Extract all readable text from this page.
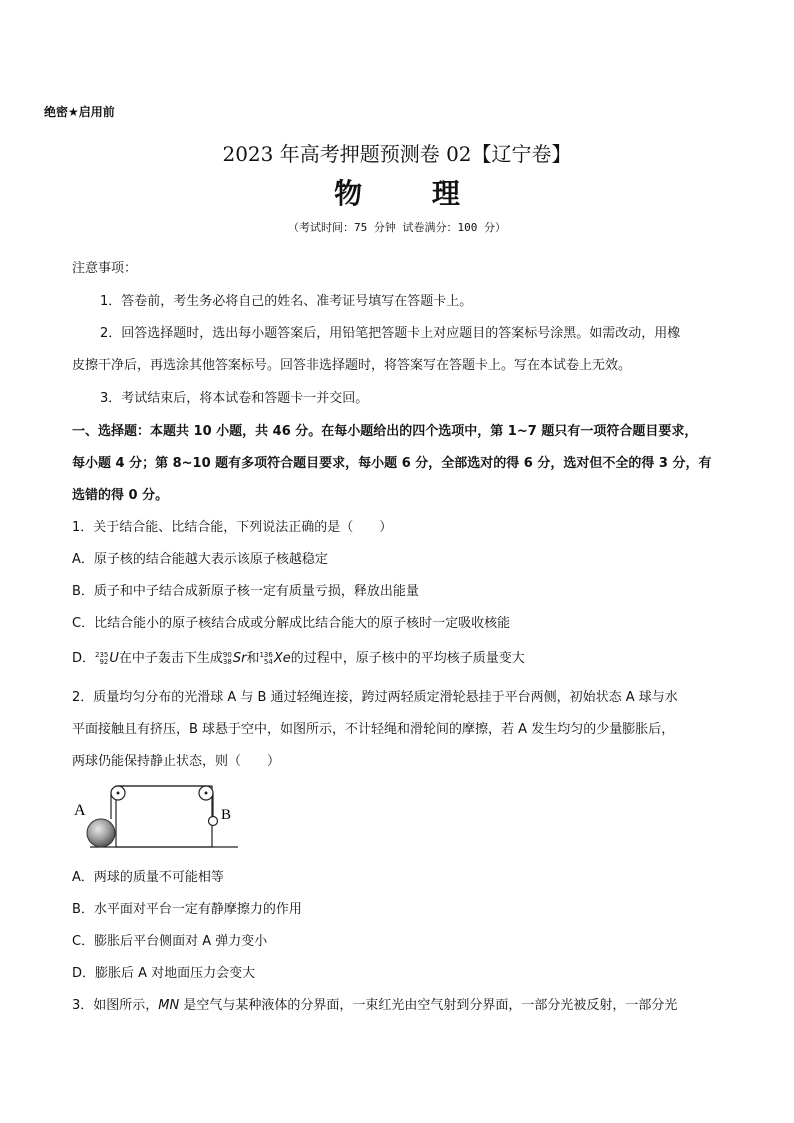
绝密★启用前
2023 年高考押题预测卷 02【辽宁卷】
物 理
（考试时间：75 分钟 试卷满分：100 分）
注意事项：
1．答卷前，考生务必将自己的姓名、准考证号填写在答题卡上。
2．回答选择题时，选出每小题答案后，用铅笔把答题卡上对应题目的答案标号涂黑。如需改动，用橡
皮擦干净后，再选涂其他答案标号。回答非选择题时，将答案写在答题卡上。写在本试卷上无效。
3．考试结束后，将本试卷和答题卡一并交回。
一、选择题：本题共 10 小题，共 46 分。在每小题给出的四个选项中，第 1~7 题只有一项符合题目要求，
每小题 4 分；第 8~10 题有多项符合题目要求，每小题 6 分，全部选对的得 6 分，选对但不全的得 3 分，有
选错的得 0 分。
1．关于结合能、比结合能，下列说法正确的是（　　）
A．原子核的结合能越大表示该原子核越稳定
B．质子和中子结合成新原子核一定有质量亏损，释放出能量
C．比结合能小的原子核结合成或分解成比结合能大的原子核时一定吸收核能
D．235
92U在中子轰击下生成90
38Sr和136
54Xe的过程中，原子核中的平均核子质量变大
2．质量均匀分布的光滑球 A 与 B 通过轻绳连接，跨过两轻质定滑轮悬挂于平台两侧，初始状态 A 球与水
平面接触且有挤压，B 球悬于空中，如图所示，不计轻绳和滑轮间的摩擦，若 A 发生均匀的少量膨胀后，
两球仍能保持静止状态，则（　　）
A	B
A．两球的质量不可能相等
B．水平面对平台一定有静摩擦力的作用
C．膨胀后平台侧面对 A 弹力变小
D．膨胀后 A 对地面压力会变大
3．如图所示，MN 是空气与某种液体的分界面，一束红光由空气射到分界面，一部分光被反射，一部分光
